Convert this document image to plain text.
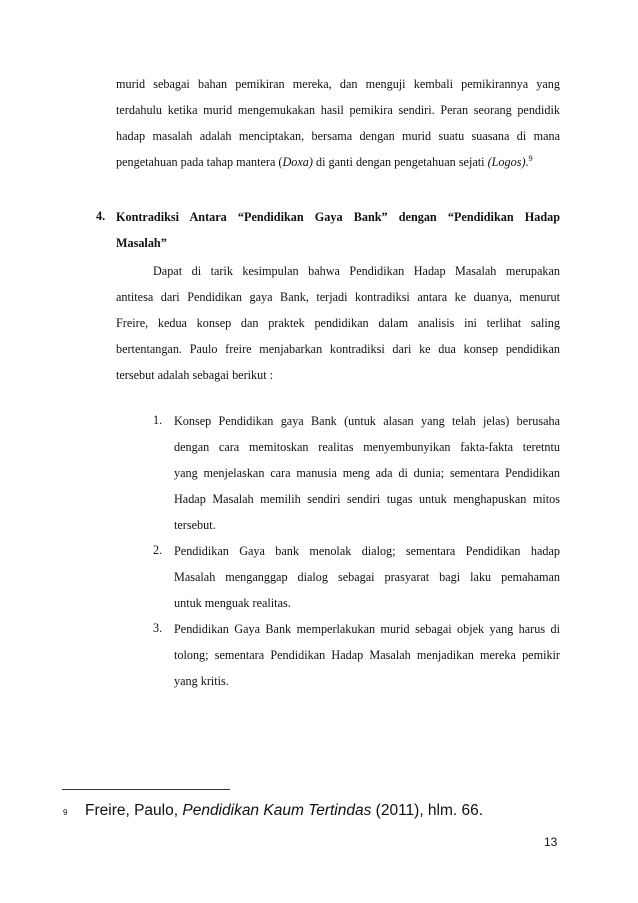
murid sebagai bahan pemikiran mereka, dan menguji kembali pemikirannya yang
terdahulu ketika murid mengemukakan hasil pemikira sendiri. Peran seorang pendidik
hadap masalah adalah menciptakan, bersama dengan murid suatu suasana di mana
pengetahuan pada tahap mantera (Doxa) di ganti dengan pengetahuan sejati (Logos).$^9$
4. Kontradiksi Antara “Pendidikan Gaya Bank” dengan “Pendidikan Hadap
Masalah”
Dapat di tarik kesimpulan bahwa Pendidikan Hadap Masalah merupakan
antitesa dari Pendidikan gaya Bank, terjadi kontradiksi antara ke duanya, menurut
Freire, kedua konsep dan praktek pendidikan dalam analisis ini terlihat saling
bertentangan. Paulo freire menjabarkan kontradiksi dari ke dua konsep pendidikan
tersebut adalah sebagai berikut :
1. Konsep Pendidikan gaya Bank (untuk alasan yang telah jelas) berusaha
dengan cara memitoskan realitas menyembunyikan fakta-fakta teretntu
yang menjelaskan cara manusia meng ada di dunia; sementara Pendidikan
Hadap Masalah memilih sendiri sendiri tugas untuk menghapuskan mitos
tersebut.
2. Pendidikan Gaya bank menolak dialog; sementara Pendidikan hadap
Masalah menganggap dialog sebagai prasyarat bagi laku pemahaman
untuk menguak realitas.
3. Pendidikan Gaya Bank memperlakukan murid sebagai objek yang harus di
tolong; sementara Pendidikan Hadap Masalah menjadikan mereka pemikir
yang kritis.
9 Freire, Paulo, Pendidikan Kaum Tertindas (2011), hlm. 66.
13
